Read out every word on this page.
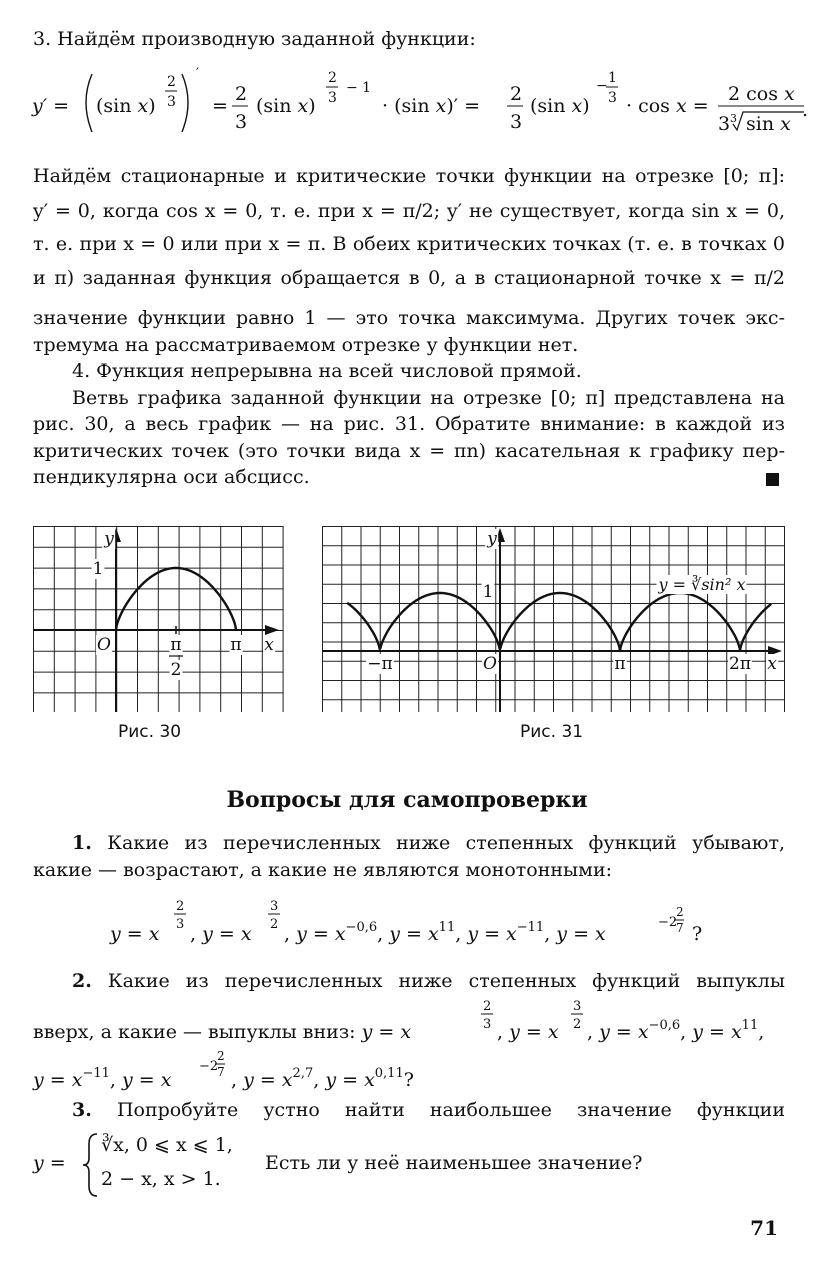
3. Найдём производную заданной функции:
y′ = (sin x)
2
3
′
=
2
3
(sin x)
2
3
− 1
· (sin x)′ =
2
3
(sin x)
− 1
3 · cos x =
2 cos x
3 3 sin x
.
Найдём стационарные и критические точки функции на отрезке [0; π]:
y′ = 0, когда cos x = 0, т. е. при x = π/2; y′ не существует, когда sin x = 0,
т. е. при x = 0 или при x = π. В обеих критических точках (т. е. в точках 0
и π) заданная функция обращается в 0, а в стационарной точке x = π/2
значение функции равно 1 — это точка максимума. Других точек экс-
тремума на рассматриваемом отрезке у функции нет.
4. Функция непрерывна на всей числовой прямой.
Ветвь графика заданной функции на отрезке [0; π] представлена на
рис. 30, а весь график — на рис. 31. Обратите внимание: в каждой из
критических точек (это точки вида x = πn) касательная к графику пер-
пендикулярна оси абсцисс.
y
x
O
1
π
2
π
Рис. 30
y
x
O
1
−π	π	2π
y = ∛sin² x
Рис. 31
Вопросы для самопроверки
1. Какие из перечисленных ниже степенных функций убывают,
какие — возрастают, а какие не являются монотонными:
y = x
2
3 , y = x
3
2 , $y = x^{-0,6}$, $y = x^{11}$, $y = x^{-11}$, y = x
−2
2
7 ?
2. Какие из перечисленных ниже степенных функций выпуклы
вверх, а какие — выпуклы вниз: y = x
2
3 , y = x
3
2 , $y = x^{-0,6}$, $y = x^{11}$,
$y = x^{-11}$, y = x
−2
2
7 , $y = x^{2,7}$, $y = x^{0,11}$?
3. Попробуйте устно найти наибольшее значение функции
y =
∛x, 0 ⩽ x ⩽ 1,
2 − x, x > 1.
Есть ли у неё наименьшее значение?
71
